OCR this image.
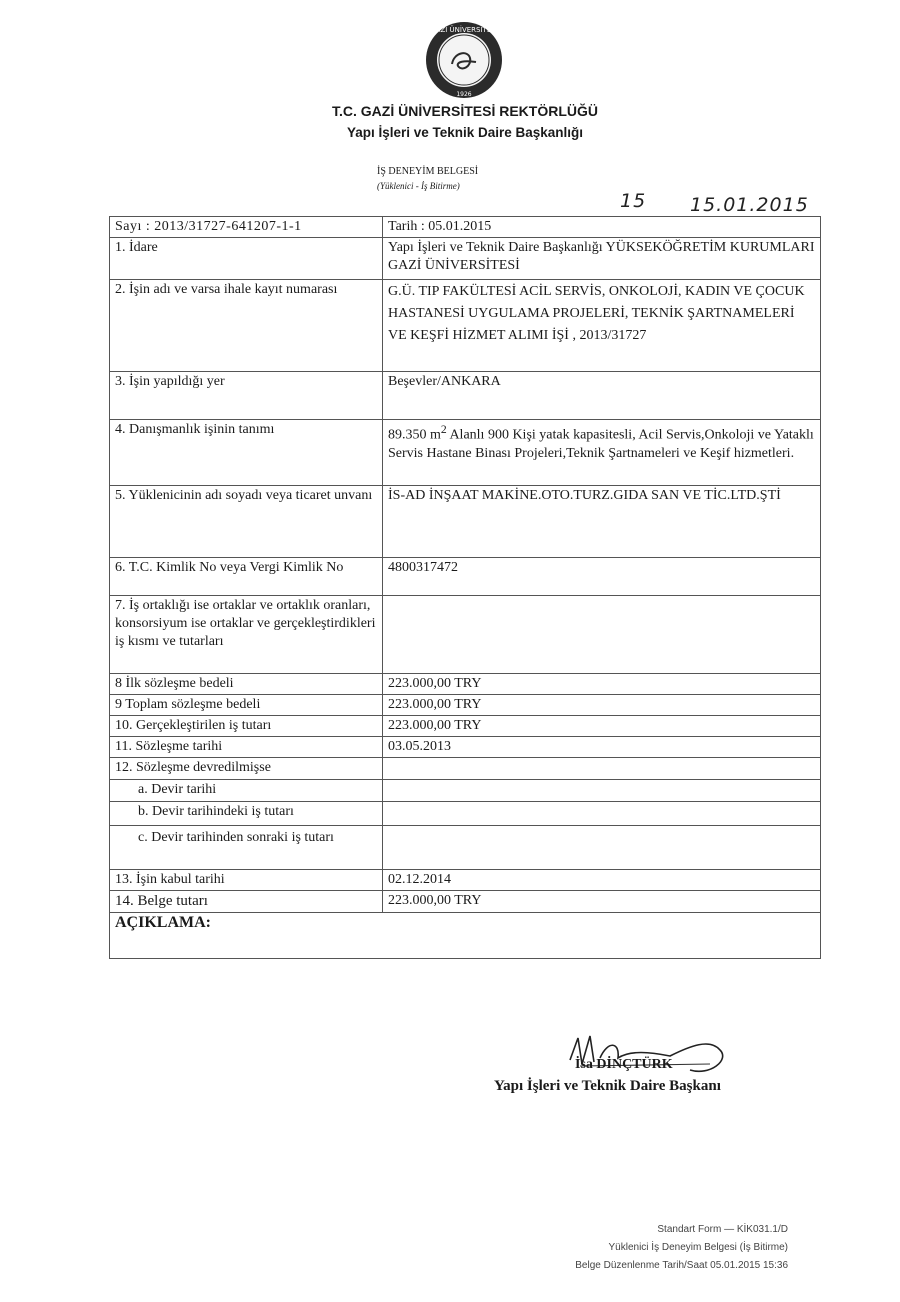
GAZİ ÜNİVERSİTESİ
1926
T.C. GAZİ ÜNİVERSİTESİ REKTÖRLÜĞÜ
Yapı İşleri ve Teknik Daire Başkanlığı
İŞ DENEYİM BELGESİ
(Yüklenici - İş Bitirme)
15 15.01.2015
Sayı : 2013/31727-641207-1-1	Tarih : 05.01.2015
1. İdare	Yapı İşleri ve Teknik Daire Başkanlığı YÜKSEKÖĞRETİM KURUMLARI GAZİ ÜNİVERSİTESİ
2. İşin adı ve varsa ihale kayıt numarası	G.Ü. TIP FAKÜLTESİ ACİL SERVİS, ONKOLOJİ, KADIN VE ÇOCUK HASTANESİ UYGULAMA PROJELERİ, TEKNİK ŞARTNAMELERİ VE KEŞFİ HİZMET ALIMI İŞİ , 2013/31727
3. İşin yapıldığı yer	Beşevler/ANKARA
4. Danışmanlık işinin tanımı	89.350 $m^2$ Alanlı 900 Kişi yatak kapasitesli, Acil Servis,Onkoloji ve Yataklı Servis Hastane Binası Projeleri,Teknik Şartnameleri ve Keşif hizmetleri.
5. Yüklenicinin adı soyadı veya ticaret unvanı	İS-AD İNŞAAT MAKİNE.OTO.TURZ.GIDA SAN VE TİC.LTD.ŞTİ
6. T.C. Kimlik No veya Vergi Kimlik No	4800317472
7. İş ortaklığı ise ortaklar ve ortaklık oranları, konsorsiyum ise ortaklar ve gerçekleştirdikleri iş kısmı ve tutarları	
8 İlk sözleşme bedeli	223.000,00 TRY
9 Toplam sözleşme bedeli	223.000,00 TRY
10. Gerçekleştirilen iş tutarı	223.000,00 TRY
11. Sözleşme tarihi	03.05.2013
12. Sözleşme devredilmişse	
a. Devir tarihi	
b. Devir tarihindeki iş tutarı	
c. Devir tarihinden sonraki iş tutarı	
13. İşin kabul tarihi	02.12.2014
14. Belge tutarı	223.000,00 TRY
AÇIKLAMA:	
İsa DİNÇTÜRK
Yapı İşleri ve Teknik Daire Başkanı
Standart Form — KİK031.1/D
Yüklenici İş Deneyim Belgesi (İş Bitirme)
Belge Düzenlenme Tarih/Saat 05.01.2015 15:36
